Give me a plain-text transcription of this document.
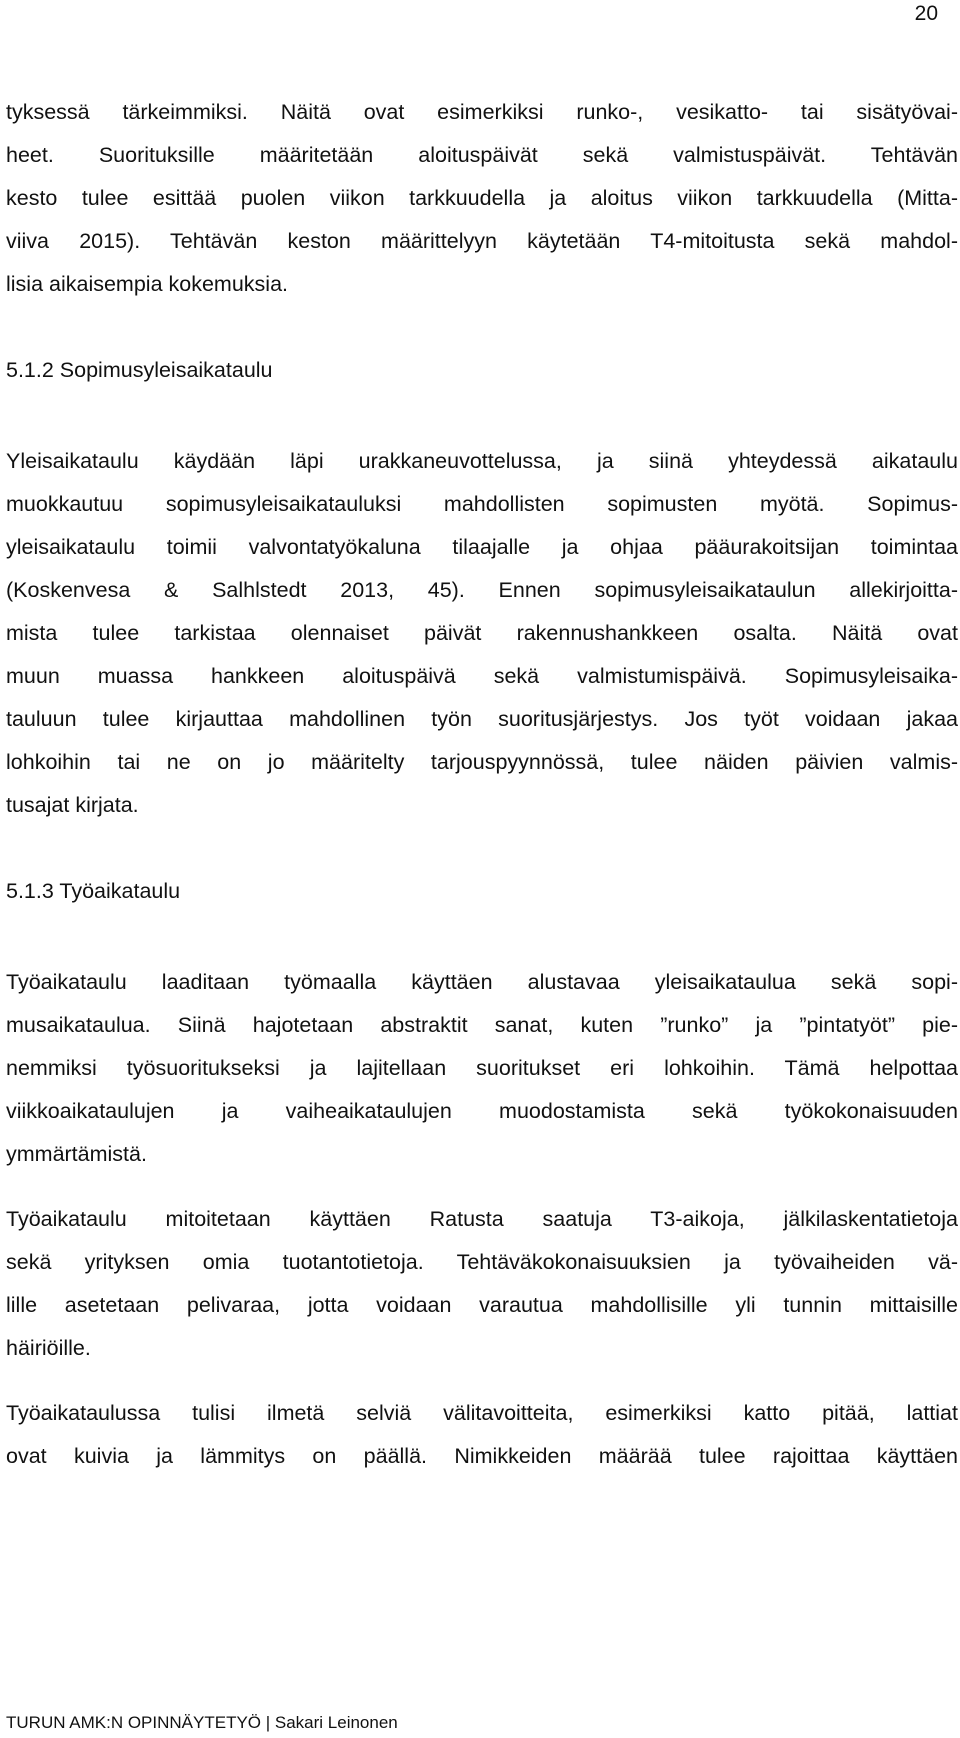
20
tyksessä tärkeimmiksi. Näitä ovat esimerkiksi runko-, vesikatto- tai sisätyövai-
heet. Suorituksille määritetään aloituspäivät sekä valmistuspäivät. Tehtävän
kesto tulee esittää puolen viikon tarkkuudella ja aloitus viikon tarkkuudella (Mitta-
viiva 2015). Tehtävän keston määrittelyyn käytetään T4-mitoitusta sekä mahdol-
lisia aikaisempia kokemuksia.
5.1.2 Sopimusyleisaikataulu
Yleisaikataulu käydään läpi urakkaneuvottelussa, ja siinä yhteydessä aikataulu
muokkautuu sopimusyleisaikatauluksi mahdollisten sopimusten myötä. Sopimus-
yleisaikataulu toimii valvontatyökaluna tilaajalle ja ohjaa pääurakoitsijan toimintaa
(Koskenvesa & Salhlstedt 2013, 45). Ennen sopimusyleisaikataulun allekirjoitta-
mista tulee tarkistaa olennaiset päivät rakennushankkeen osalta. Näitä ovat
muun muassa hankkeen aloituspäivä sekä valmistumispäivä. Sopimusyleisaika-
tauluun tulee kirjauttaa mahdollinen työn suoritusjärjestys. Jos työt voidaan jakaa
lohkoihin tai ne on jo määritelty tarjouspyynnössä, tulee näiden päivien valmis-
tusajat kirjata.
5.1.3 Työaikataulu
Työaikataulu laaditaan työmaalla käyttäen alustavaa yleisaikataulua sekä sopi-
musaikataulua. Siinä hajotetaan abstraktit sanat, kuten ”runko” ja ”pintatyöt” pie-
nemmiksi työsuoritukseksi ja lajitellaan suoritukset eri lohkoihin. Tämä helpottaa
viikkoaikataulujen ja vaiheaikataulujen muodostamista sekä työkokonaisuuden
ymmärtämistä.
Työaikataulu mitoitetaan käyttäen Ratusta saatuja T3-aikoja, jälkilaskentatietoja
sekä yrityksen omia tuotantotietoja. Tehtäväkokonaisuuksien ja työvaiheiden vä-
lille asetetaan pelivaraa, jotta voidaan varautua mahdollisille yli tunnin mittaisille
häiriöille.
Työaikataulussa tulisi ilmetä selviä välitavoitteita, esimerkiksi katto pitää, lattiat
ovat kuivia ja lämmitys on päällä. Nimikkeiden määrää tulee rajoittaa käyttäen
TURUN AMK:N OPINNÄYTETYÖ | Sakari Leinonen
